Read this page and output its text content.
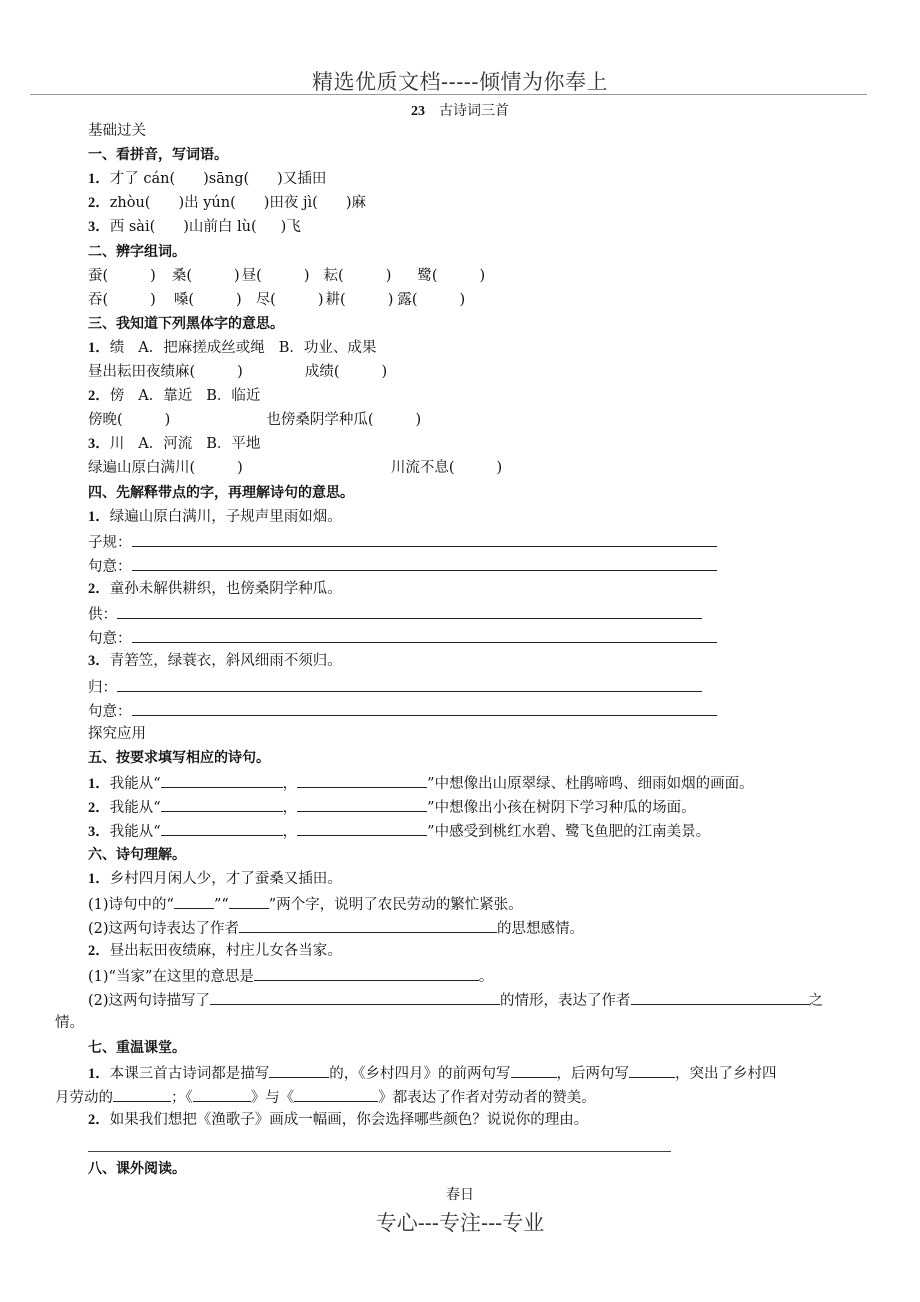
精选优质文档-----倾情为你奉上
23 古诗词三首
基础过关
一、看拼音，写词语。
1．才了 cán( )sāng( )又插田
2．zhòu( )出 yún( )田夜 jì( )麻
3．西 sài( )山前白 lù( )飞
二、辨字组词。
蚕(	) 桑(	) 昼(	) 耘(	) 鹭(	)
吞(	) 嗓(	) 尽(	) 耕(	) 露(	)
三、我知道下列黑体字的意思。
1．绩 A．把麻搓成丝或绳 B．功业、成果
昼出耘田夜绩麻(	)	成绩(	)
2．傍 A．靠近 B．临近
傍晚(	)	也傍桑阴学种瓜(	)
3．川 A．河流 B．平地
绿遍山原白满川(	)	川流不息(	)
四、先解释带点的字，再理解诗句的意思。
1．绿遍山原白满川，子规声里雨如烟。
子规：
句意：
2．童孙未解供耕织，也傍桑阴学种瓜。
供：
句意：
3．青箬笠，绿蓑衣，斜风细雨不须归。
归：
句意：
探究应用
五、按要求填写相应的诗句。
1．我能从“	，	”中想像出山原翠绿、杜鹃啼鸣、细雨如烟的画面。
2．我能从“	，	”中想像出小孩在树阴下学习种瓜的场面。
3．我能从“	，	”中感受到桃红水碧、鹭飞鱼肥的江南美景。
六、诗句理解。
1．乡村四月闲人少，才了蚕桑又插田。
(1)诗句中的“	”“	”两个字，说明了农民劳动的繁忙紧张。
(2)这两句诗表达了作者	的思想感情。
2．昼出耘田夜绩麻，村庄儿女各当家。
(1)“当家”在这里的意思是	。
(2)这两句诗描写了	的情形，表达了作者	之
情。
七、重温课堂。
1．本课三首古诗词都是描写	的，《乡村四月》的前两句写	，后两句写	，突出了乡村四
月劳动的	；《	》与《	》都表达了作者对劳动者的赞美。
2．如果我们想把《渔歌子》画成一幅画，你会选择哪些颜色？说说你的理由。
八、课外阅读。
春日
专心---专注---专业
